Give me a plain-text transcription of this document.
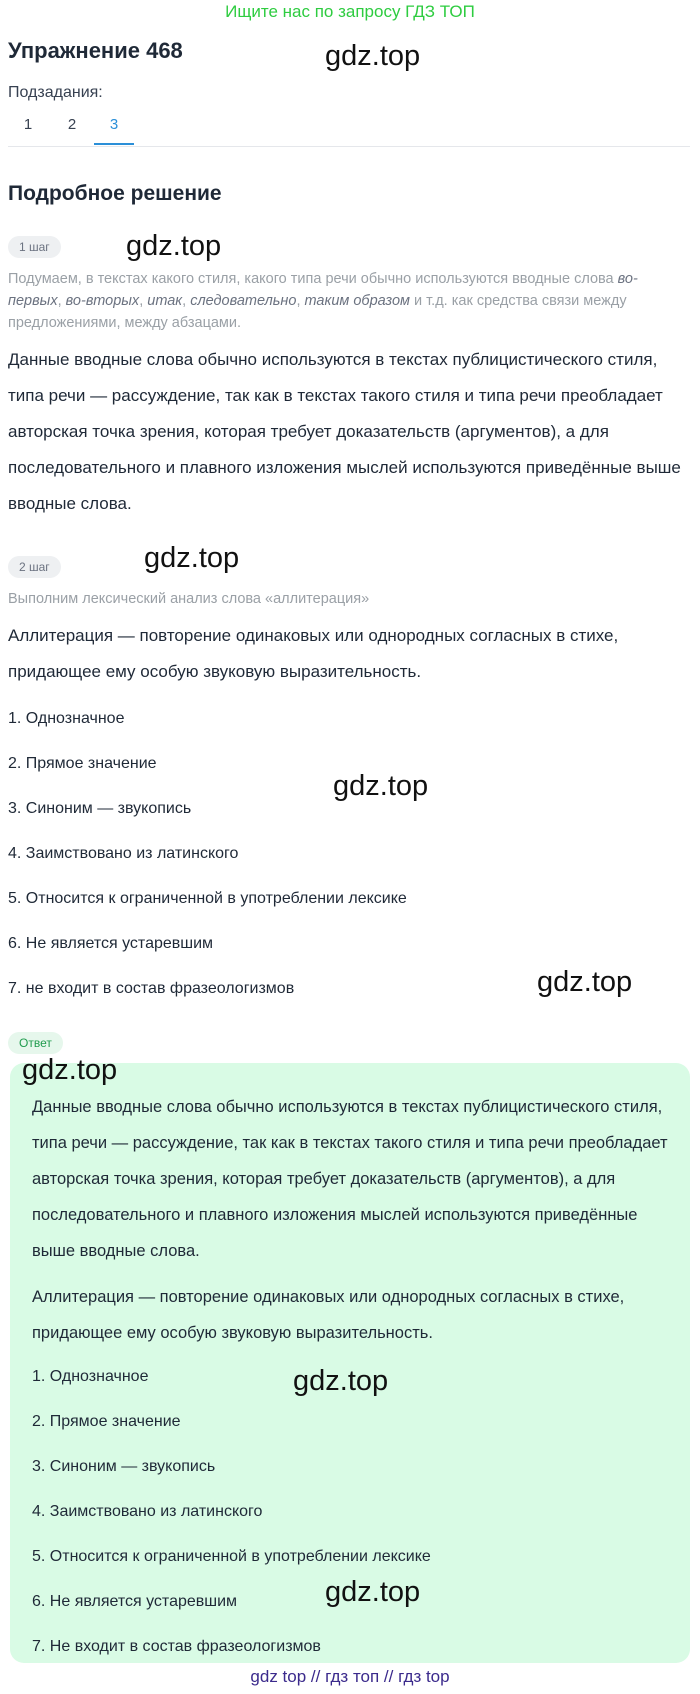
Ищите нас по запросу ГДЗ ТОП
Упражнение 468
Подзадания:
1	2	3
Подробное решение
1 шаг
Подумаем, в текстах какого стиля, какого типа речи обычно используются вводные слова во-первых, во-вторых, итак, следовательно, таким образом и т.д. как средства связи между предложениями, между абзацами.
Данные вводные слова обычно используются в текстах публицистического стиля, типа речи — рассуждение, так как в текстах такого стиля и типа речи преобладает авторская точка зрения, которая требует доказательств (аргументов), а для последовательного и плавного изложения мыслей используются приведённые выше вводные слова.
2 шаг
Выполним лексический анализ слова «аллитерация»
Аллитерация — повторение одинаковых или однородных согласных в стихе, придающее ему особую звуковую выразительность.
1. Однозначное
2. Прямое значение
3. Синоним — звукопись
4. Заимствовано из латинского
5. Относится к ограниченной в употреблении лексике
6. Не является устаревшим
7. не входит в состав фразеологизмов
Ответ
Данные вводные слова обычно используются в текстах публицистического стиля, типа речи — рассуждение, так как в текстах такого стиля и типа речи преобладает авторская точка зрения, которая требует доказательств (аргументов), а для последовательного и плавного изложения мыслей используются приведённые выше вводные слова.
Аллитерация — повторение одинаковых или однородных согласных в стихе, придающее ему особую звуковую выразительность.
1. Однозначное
2. Прямое значение
3. Синоним — звукопись
4. Заимствовано из латинского
5. Относится к ограниченной в употреблении лексике
6. Не является устаревшим
7. Не входит в состав фразеологизмов
gdz.top
gdz.top
gdz.top
gdz.top
gdz.top
gdz.top
gdz.top
gdz.top
gdz top // гдз топ // гдз top
